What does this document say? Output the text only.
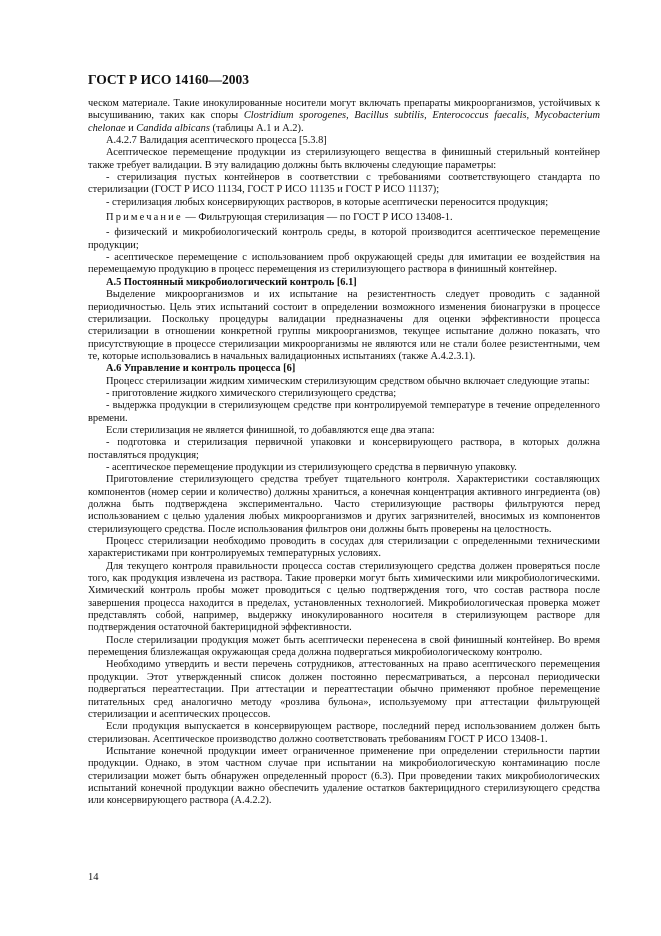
ГОСТ Р ИСО 14160—2003

ческом материале. Такие инокулированные носители могут включать препараты микроорганизмов, устойчивых к высушиванию, таких как споры Clostridium sporogenes, Bacillus subtilis, Enterococcus faecalis, Mycobacterium chelonae и Candida albicans (таблицы А.1 и А.2).

А.4.2.7 Валидация асептического процесса [5.3.8]

Асептическое перемещение продукции из стерилизующего вещества в финишный стерильный контейнер также требует валидации. В эту валидацию должны быть включены следующие параметры:

- стерилизация пустых контейнеров в соответствии с требованиями соответствующего стандарта по стерилизации (ГОСТ Р ИСО 11134, ГОСТ Р ИСО 11135 и ГОСТ Р ИСО 11137);

- стерилизация любых консервирующих растворов, в которые асептически переносится продукция;

Примечание — Фильтрующая стерилизация — по ГОСТ Р ИСО 13408-1.

- физический и микробиологический контроль среды, в которой производится асептическое перемещение продукции;

- асептическое перемещение с использованием проб окружающей среды для имитации ее воздействия на перемещаемую продукцию в процесс перемещения из стерилизующего раствора в финишный контейнер.

А.5 Постоянный микробиологический контроль [6.1]

Выделение микроорганизмов и их испытание на резистентность следует проводить с заданной периодичностью. Цель этих испытаний состоит в определении возможного изменения бионагрузки в процессе стерилизации. Поскольку процедуры валидации предназначены для оценки эффективности процесса стерилизации в отношении конкретной группы микроорганизмов, текущее испытание должно показать, что присутствующие в процессе стерилизации микроорганизмы не являются или не стали более резистентными, чем те, которые использовались в начальных валидационных испытаниях (также А.4.2.3.1).

А.6 Управление и контроль процесса [6]

Процесс стерилизации жидким химическим стерилизующим средством обычно включает следующие этапы:

- приготовление жидкого химического стерилизующего средства;

- выдержка продукции в стерилизующем средстве при контролируемой температуре в течение определенного времени.

Если стерилизация не является финишной, то добавляются еще два этапа:

- подготовка и стерилизация первичной упаковки и консервирующего раствора, в которых должна поставляться продукция;

- асептическое перемещение продукции из стерилизующего средства в первичную упаковку.

Приготовление стерилизующего средства требует тщательного контроля. Характеристики составляющих компонентов (номер серии и количество) должны храниться, а конечная концентрация активного ингредиента (ов) должна быть подтверждена экспериментально. Часто стерилизующие растворы фильтруются перед использованием с целью удаления любых микроорганизмов и других загрязнителей, вносимых из компонентов стерилизующего средства. После использования фильтров они должны быть проверены на целостность.

Процесс стерилизации необходимо проводить в сосудах для стерилизации с определенными техническими характеристиками при контролируемых температурных условиях.

Для текущего контроля правильности процесса состав стерилизующего средства должен проверяться после того, как продукция извлечена из раствора. Такие проверки могут быть химическими или микробиологическими. Химический контроль пробы может проводиться с целью подтверждения того, что состав раствора после завершения процесса находится в пределах, установленных технологией. Микробиологическая проверка может представлять собой, например, выдержку инокулированного носителя в стерилизующем растворе для подтверждения остаточной бактерицидной эффективности.

После стерилизации продукция может быть асептически перенесена в свой финишный контейнер. Во время перемещения близлежащая окружающая среда должна подвергаться микробиологическому контролю.

Необходимо утвердить и вести перечень сотрудников, аттестованных на право асептического перемещения продукции. Этот утвержденный список должен постоянно пересматриваться, а персонал периодически подвергаться переаттестации. При аттестации и переаттестации обычно применяют пробное перемещение питательных сред аналогично методу «розлива бульона», используемому при аттестации фильтрующей стерилизации и асептических процессов.

Если продукция выпускается в консервирующем растворе, последний перед использованием должен быть стерилизован. Асептическое производство должно соответствовать требованиям ГОСТ Р ИСО 13408-1.

Испытание конечной продукции имеет ограниченное применение при определении стерильности партии продукции. Однако, в этом частном случае при испытании на микробиологическую контаминацию после стерилизации может быть обнаружен определенный пророст (6.3). При проведении таких микробиологических испытаний конечной продукции важно обеспечить удаление остатков бактерицидного стерилизующего средства или консервирующего раствора (А.4.2.2).

14
